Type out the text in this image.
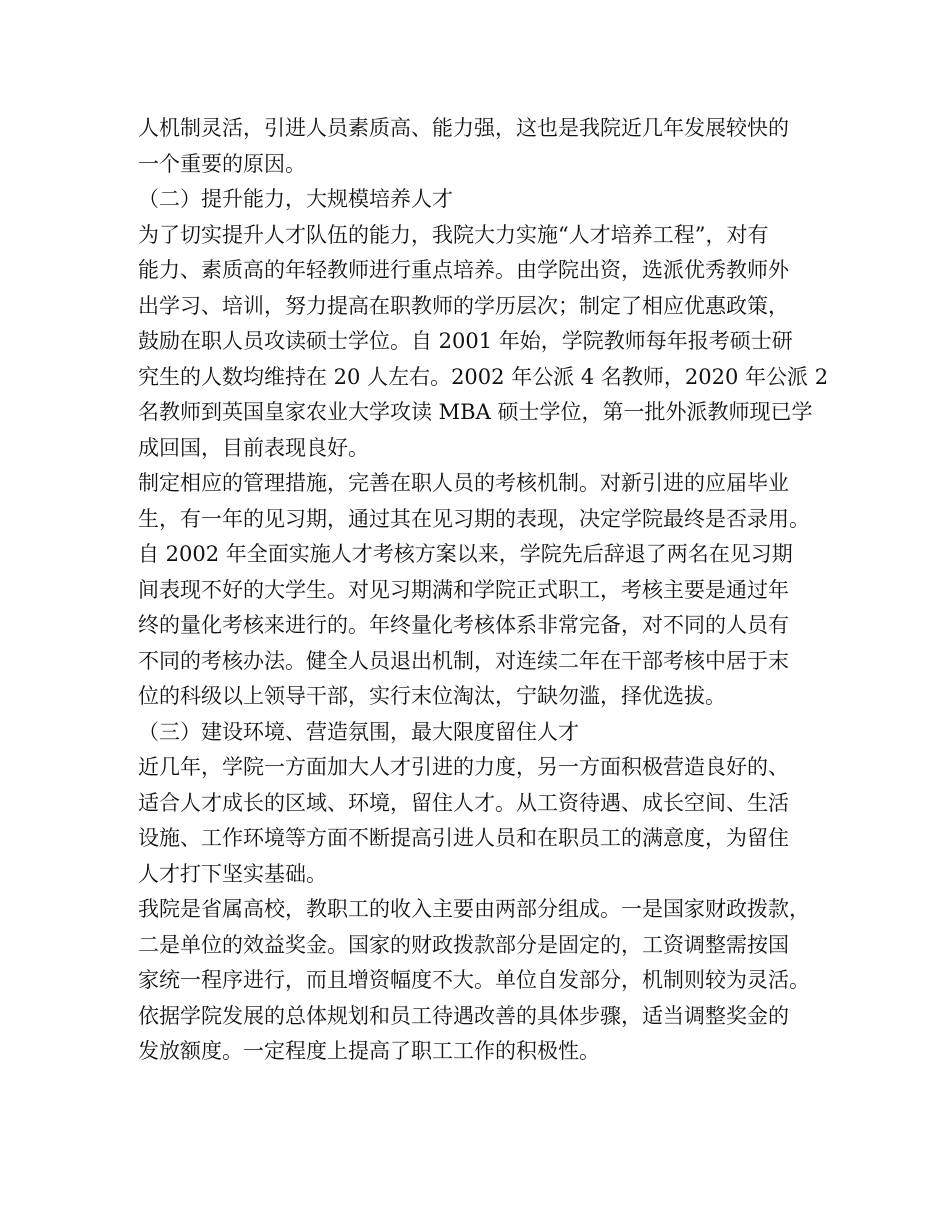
人机制灵活，引进人员素质高、能力强，这也是我院近几年发展较快的
一个重要的原因。

（二）提升能力，大规模培养人才

为了切实提升人才队伍的能力，我院大力实施“人才培养工程”，对有
能力、素质高的年轻教师进行重点培养。由学院出资，选派优秀教师外
出学习、培训，努力提高在职教师的学历层次；制定了相应优惠政策，
鼓励在职人员攻读硕士学位。自 2001 年始，学院教师每年报考硕士研
究生的人数均维持在 20 人左右。2002 年公派 4 名教师，2020 年公派 2
名教师到英国皇家农业大学攻读 MBA 硕士学位，第一批外派教师现已学
成回国，目前表现良好。

制定相应的管理措施，完善在职人员的考核机制。对新引进的应届毕业
生，有一年的见习期，通过其在见习期的表现，决定学院最终是否录用。
自 2002 年全面实施人才考核方案以来，学院先后辞退了两名在见习期
间表现不好的大学生。对见习期满和学院正式职工，考核主要是通过年
终的量化考核来进行的。年终量化考核体系非常完备，对不同的人员有
不同的考核办法。健全人员退出机制，对连续二年在干部考核中居于末
位的科级以上领导干部，实行末位淘汰，宁缺勿滥，择优选拔。

（三）建设环境、营造氛围，最大限度留住人才

近几年，学院一方面加大人才引进的力度，另一方面积极营造良好的、
适合人才成长的区域、环境，留住人才。从工资待遇、成长空间、生活
设施、工作环境等方面不断提高引进人员和在职员工的满意度，为留住
人才打下坚实基础。

我院是省属高校，教职工的收入主要由两部分组成。一是国家财政拨款，
二是单位的效益奖金。国家的财政拨款部分是固定的，工资调整需按国
家统一程序进行，而且增资幅度不大。单位自发部分，机制则较为灵活。
依据学院发展的总体规划和员工待遇改善的具体步骤，适当调整奖金的
发放额度。一定程度上提高了职工工作的积极性。
